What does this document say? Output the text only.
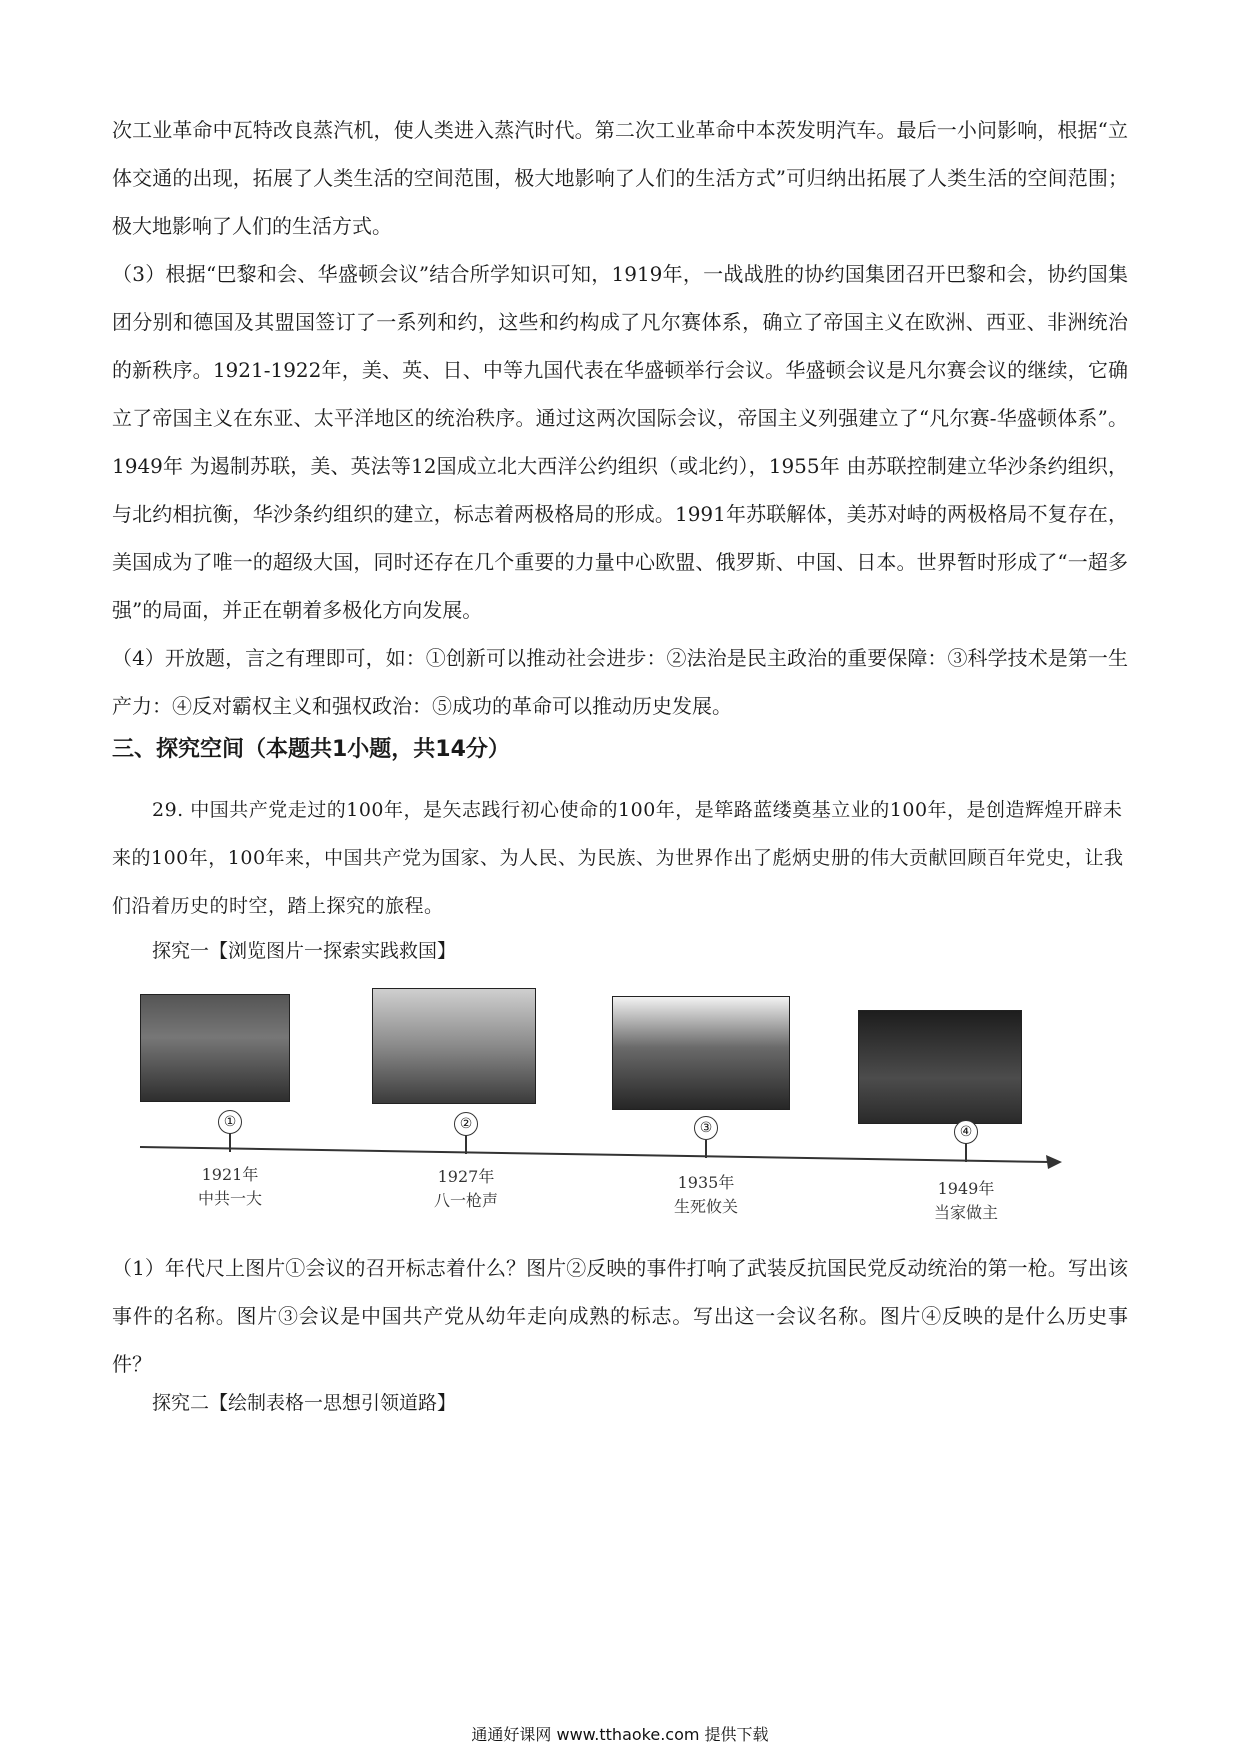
次工业革命中瓦特改良蒸汽机，使人类进入蒸汽时代。第二次工业革命中本茨发明汽车。最后一小问影响，根据“立体交通的出现，拓展了人类生活的空间范围，极大地影响了人们的生活方式”可归纳出拓展了人类生活的空间范围；极大地影响了人们的生活方式。

（3）根据“巴黎和会、华盛顿会议”结合所学知识可知，1919年，一战战胜的协约国集团召开巴黎和会，协约国集团分别和德国及其盟国签订了一系列和约，这些和约构成了凡尔赛体系，确立了帝国主义在欧洲、西亚、非洲统治的新秩序。1921-1922年，美、英、日、中等九国代表在华盛顿举行会议。华盛顿会议是凡尔赛会议的继续，它确立了帝国主义在东亚、太平洋地区的统治秩序。通过这两次国际会议，帝国主义列强建立了“凡尔赛-华盛顿体系”。1949年 为遏制苏联，美、英法等12国成立北大西洋公约组织（或北约），1955年 由苏联控制建立华沙条约组织，与北约相抗衡，华沙条约组织的建立，标志着两极格局的形成。1991年苏联解体，美苏对峙的两极格局不复存在，美国成为了唯一的超级大国，同时还存在几个重要的力量中心欧盟、俄罗斯、中国、日本。世界暂时形成了“一超多强”的局面，并正在朝着多极化方向发展。

（4）开放题，言之有理即可，如：①创新可以推动社会进步：②法治是民主政治的重要保障：③科学技术是第一生产力：④反对霸权主义和强权政治：⑤成功的革命可以推动历史发展。

三、探究空间（本题共1小题，共14分）

29. 中国共产党走过的100年，是矢志践行初心使命的100年，是筚路蓝缕奠基立业的100年，是创造辉煌开辟未来的100年，100年来，中国共产党为国家、为人民、为民族、为世界作出了彪炳史册的伟大贡献回顾百年党史，让我们沿着历史的时空，踏上探究的旅程。

探究一【浏览图片一探索实践救国】

①	②	③	④
1921年
中共一大
1927年
八一枪声
1935年
生死攸关
1949年
当家做主

（1）年代尺上图片①会议的召开标志着什么？图片②反映的事件打响了武装反抗国民党反动统治的第一枪。写出该事件的名称。图片③会议是中国共产党从幼年走向成熟的标志。写出这一会议名称。图片④反映的是什么历史事件？

探究二【绘制表格一思想引领道路】

通通好课网 www.tthaoke.com 提供下载
